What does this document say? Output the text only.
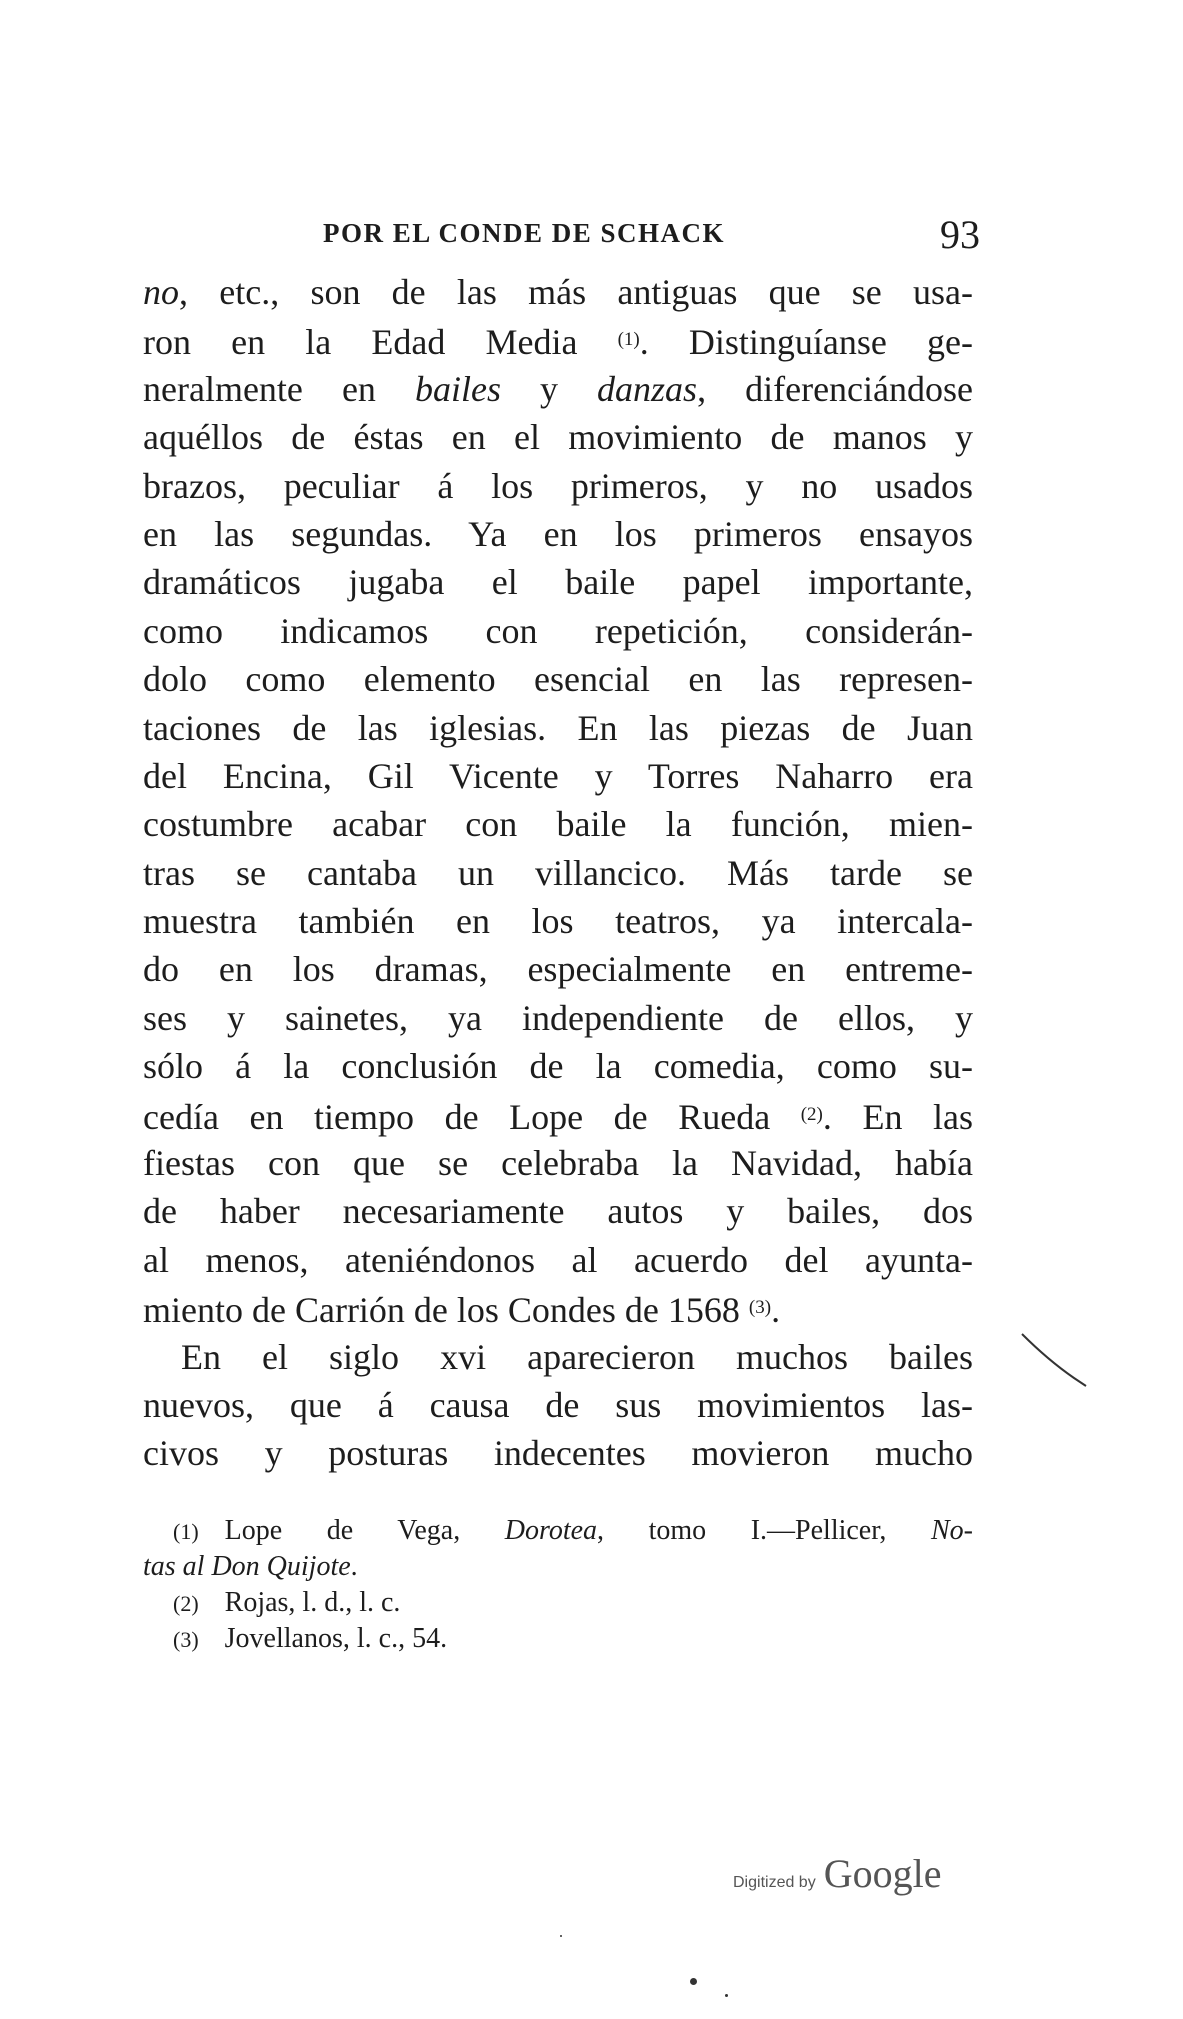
POR EL CONDE DE SCHACK	93
no, etc., son de las más antiguas que se usa-
ron en la Edad Media $^{(1)}$. Distinguíanse ge-
neralmente en bailes y danzas, diferenciándose
aquéllos de éstas en el movimiento de manos y
brazos, peculiar á los primeros, y no usados
en las segundas. Ya en los primeros ensayos
dramáticos jugaba el baile papel importante,
como indicamos con repetición, considerán-
dolo como elemento esencial en las represen-
taciones de las iglesias. En las piezas de Juan
del Encina, Gil Vicente y Torres Naharro era
costumbre acabar con baile la función, mien-
tras se cantaba un villancico. Más tarde se
muestra también en los teatros, ya intercala-
do en los dramas, especialmente en entreme-
ses y sainetes, ya independiente de ellos, y
sólo á la conclusión de la comedia, como su-
cedía en tiempo de Lope de Rueda $^{(2)}$. En las
fiestas con que se celebraba la Navidad, había
de haber necesariamente autos y bailes, dos
al menos, ateniéndonos al acuerdo del ayunta-
miento de Carrión de los Condes de 1568 $^{(3)}$.
En el siglo xvi aparecieron muchos bailes
nuevos, que á causa de sus movimientos las-
civos y posturas indecentes movieron mucho
(1) Lope de Vega, Dorotea, tomo I.—Pellicer, No-
tas al Don Quijote.
(2) Rojas, l. d., l. c.
(3) Jovellanos, l. c., 54.
Digitized by Google
